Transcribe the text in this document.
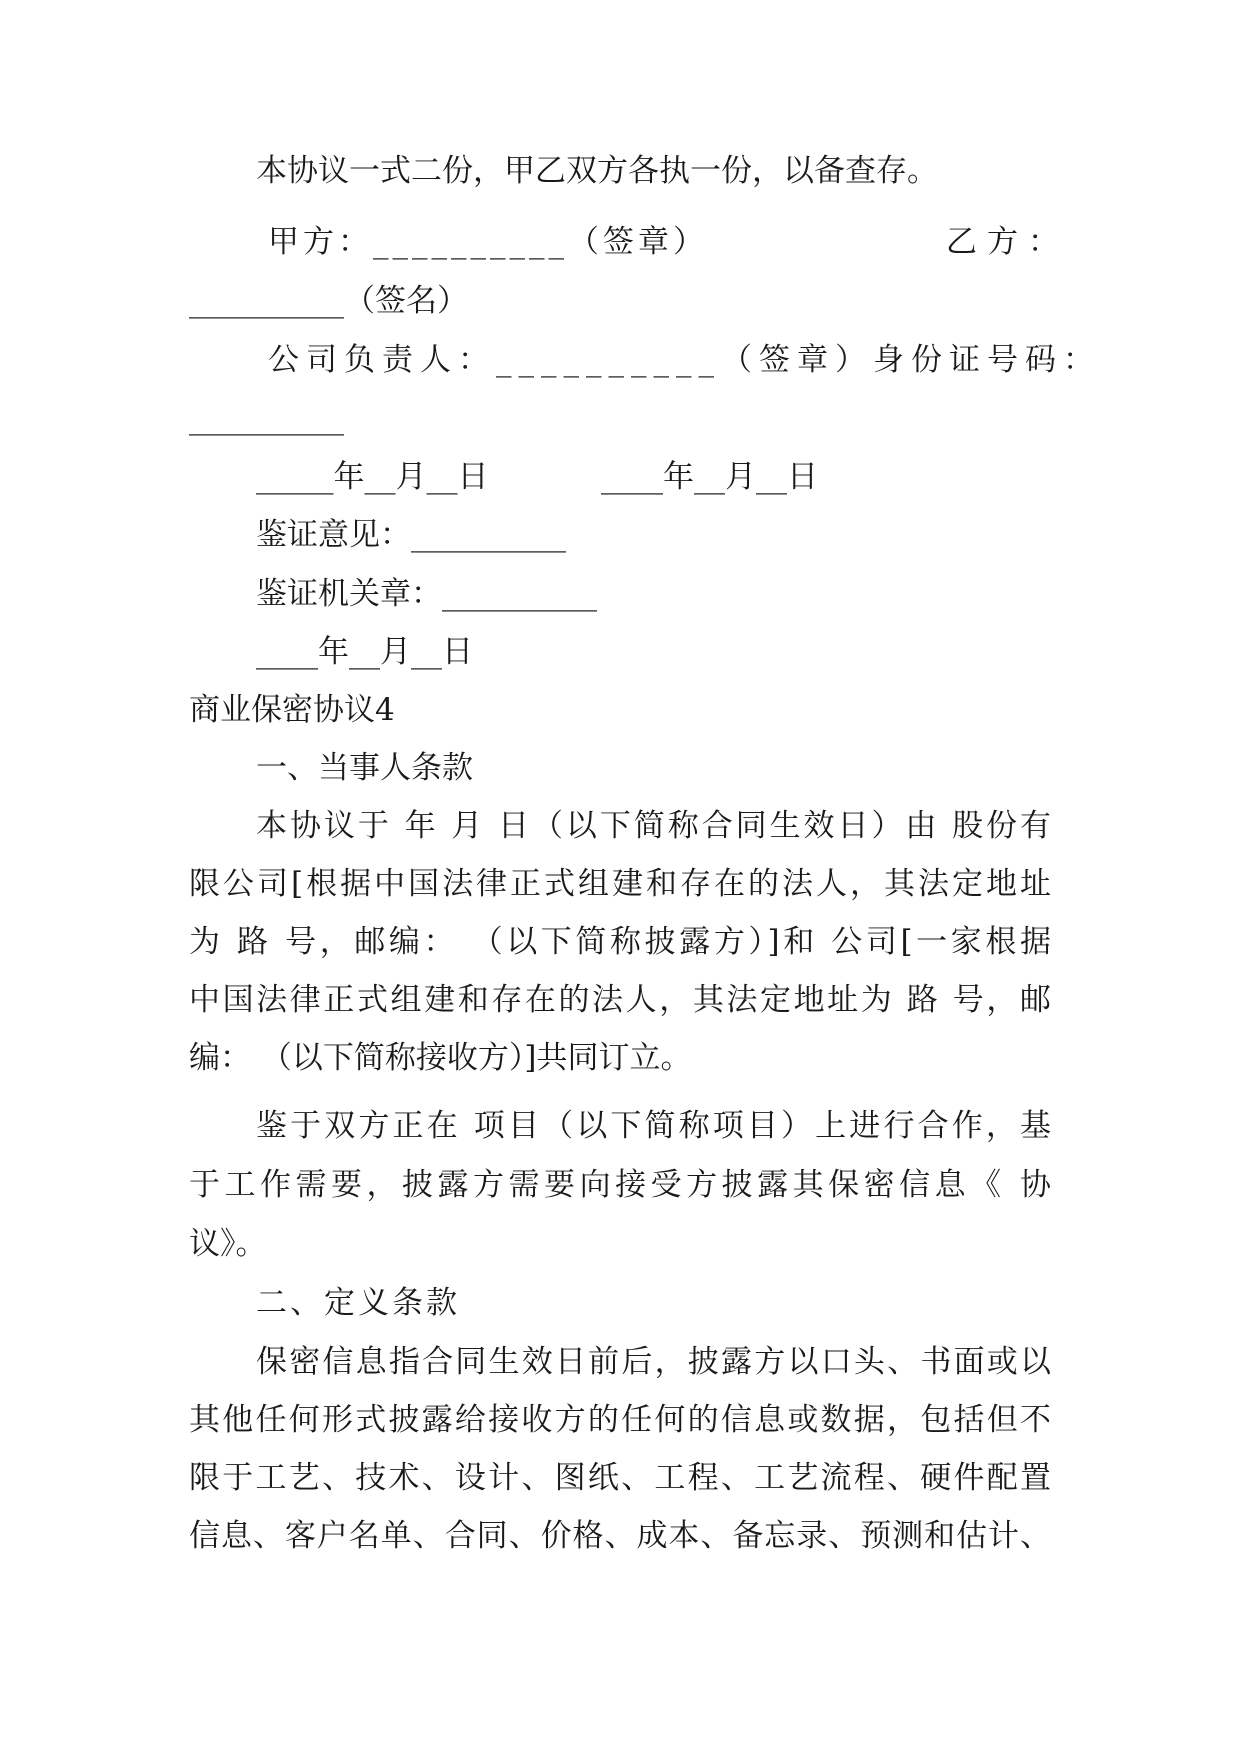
本协议一式二份，甲乙双方各执一份，以备查存。

甲方：__________（签章）	乙方：

__________（签名）

公司负责人：__________（签章）身份证号码：

__________

_____年__月__日	____年__月__日

鉴证意见：__________

鉴证机关章：__________

____年__月__日

商业保密协议4

一、当事人条款

本协议于 年 月 日（以下简称合同生效日）由 股份有

限公司[根据中国法律正式组建和存在的法人，其法定地址

为 路 号，邮编： （以下简称披露方）]和 公司[一家根据

中国法律正式组建和存在的法人，其法定地址为 路 号，邮

编： （以下简称接收方）]共同订立。

鉴于双方正在 项目（以下简称项目）上进行合作，基

于工作需要，披露方需要向接受方披露其保密信息《 协

议》。

二、定义条款

保密信息指合同生效日前后，披露方以口头、书面或以

其他任何形式披露给接收方的任何的信息或数据，包括但不

限于工艺、技术、设计、图纸、工程、工艺流程、硬件配置

信息、客户名单、合同、价格、成本、备忘录、预测和估计、
